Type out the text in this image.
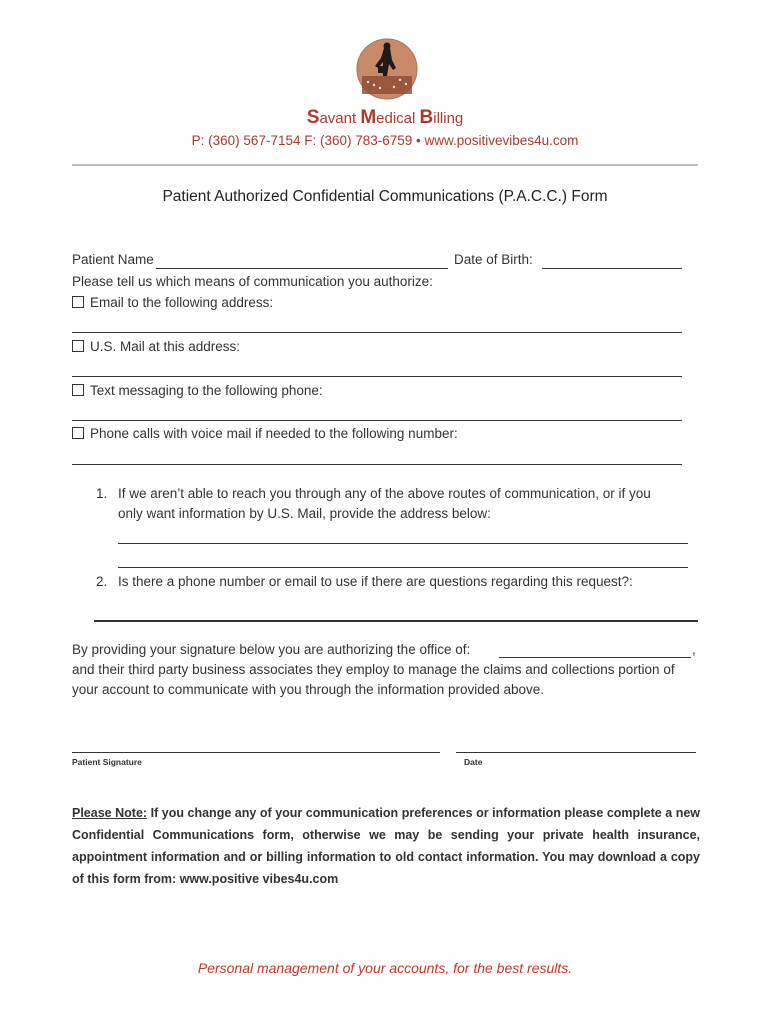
Savant Medical Billing
P: (360) 567-7154 F: (360) 783-6759 • www.positivevibes4u.com
Patient Authorized Confidential Communications (P.A.C.C.) Form
Patient Name	Date of Birth:
Please tell us which means of communication you authorize:
Email to the following address:
U.S. Mail at this address:
Text messaging to the following phone:
Phone calls with voice mail if needed to the following number:
1. If we aren’t able to reach you through any of the above routes of communication, or if you
only want information by U.S. Mail, provide the address below:
2. Is there a phone number or email to use if there are questions regarding this request?:
By providing your signature below you are authorizing the office of:	,
and their third party business associates they employ to manage the claims and collections portion of
your account to communicate with you through the information provided above.
Patient Signature	Date
Please Note: If you change any of your communication preferences or information please complete a new Confidential Communications form, otherwise we may be sending your private health insurance, appointment information and or billing information to old contact information. You may download a copy of this form from: www.positive vibes4u.com
Personal management of your accounts, for the best results.
